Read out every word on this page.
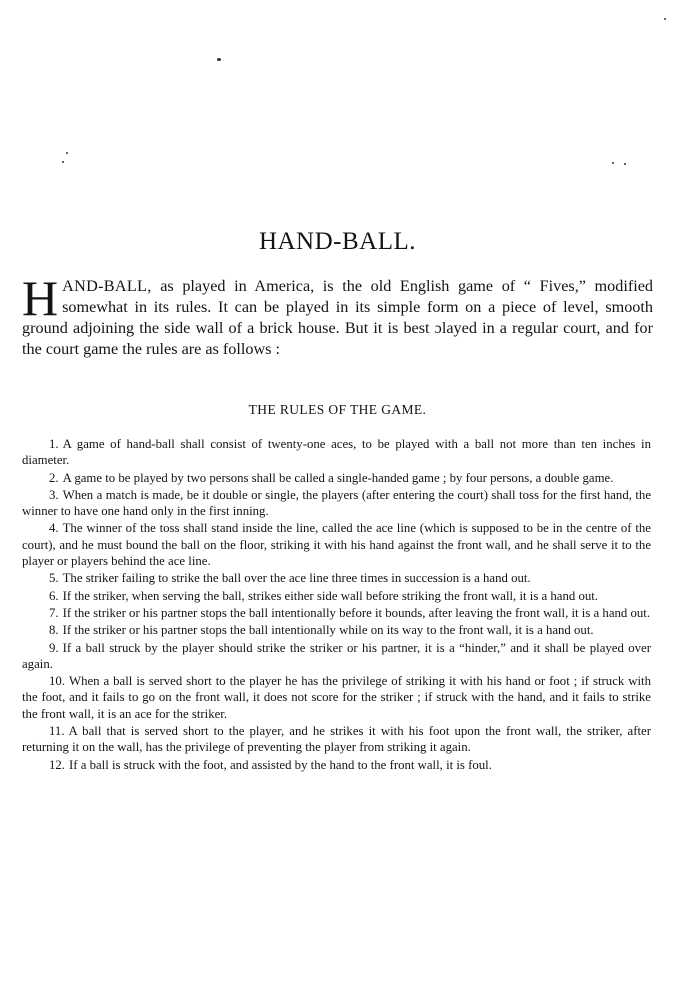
HAND-BALL.

HAND-BALL, as played in America, is the old English game of “ Fives,” modified somewhat in its rules. It can be played in its simple form on a piece of level, smooth ground adjoining the side wall of a brick house. But it is best ɔlayed in a regular court, and for the court game the rules are as follows :

THE RULES OF THE GAME.
1. A game of hand-ball shall consist of twenty-one aces, to be played with a ball not more than ten inches in diameter.
2. A game to be played by two persons shall be called a single-handed game ; by four persons, a double game.
3. When a match is made, be it double or single, the players (after entering the court) shall toss for the first hand, the winner to have one hand only in the first inning.
4. The winner of the toss shall stand inside the line, called the ace line (which is supposed to be in the centre of the court), and he must bound the ball on the floor, striking it with his hand against the front wall, and he shall serve it to the player or players behind the ace line.
5. The striker failing to strike the ball over the ace line three times in succession is a hand out.
6. If the striker, when serving the ball, strikes either side wall before striking the front wall, it is a hand out.
7. If the striker or his partner stops the ball intentionally before it bounds, after leaving the front wall, it is a hand out.
8. If the striker or his partner stops the ball intentionally while on its way to the front wall, it is a hand out.
9. If a ball struck by the player should strike the striker or his partner, it is a “hinder,” and it shall be played over again.
10. When a ball is served short to the player he has the privilege of striking it with his hand or foot ; if struck with the foot, and it fails to go on the front wall, it does not score for the striker ; if struck with the hand, and it fails to strike the front wall, it is an ace for the striker.
11. A ball that is served short to the player, and he strikes it with his foot upon the front wall, the striker, after returning it on the wall, has the privilege of preventing the player from striking it again.
12. If a ball is struck with the foot, and assisted by the hand to the front wall, it is foul.
